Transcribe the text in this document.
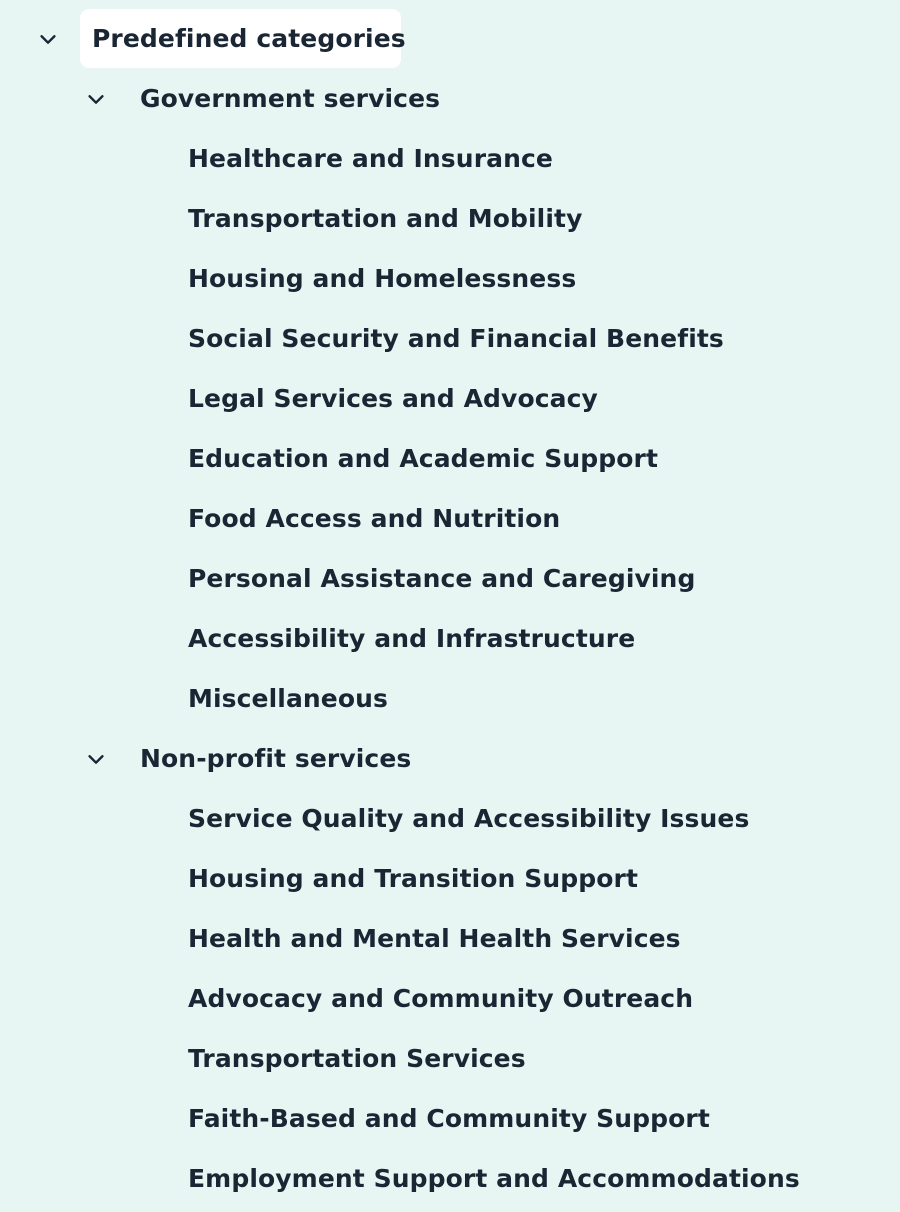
Predefined categories
Government services
Healthcare and Insurance
Transportation and Mobility
Housing and Homelessness
Social Security and Financial Benefits
Legal Services and Advocacy
Education and Academic Support
Food Access and Nutrition
Personal Assistance and Caregiving
Accessibility and Infrastructure
Miscellaneous
Non-profit services
Service Quality and Accessibility Issues
Housing and Transition Support
Health and Mental Health Services
Advocacy and Community Outreach
Transportation Services
Faith-Based and Community Support
Employment Support and Accommodations
